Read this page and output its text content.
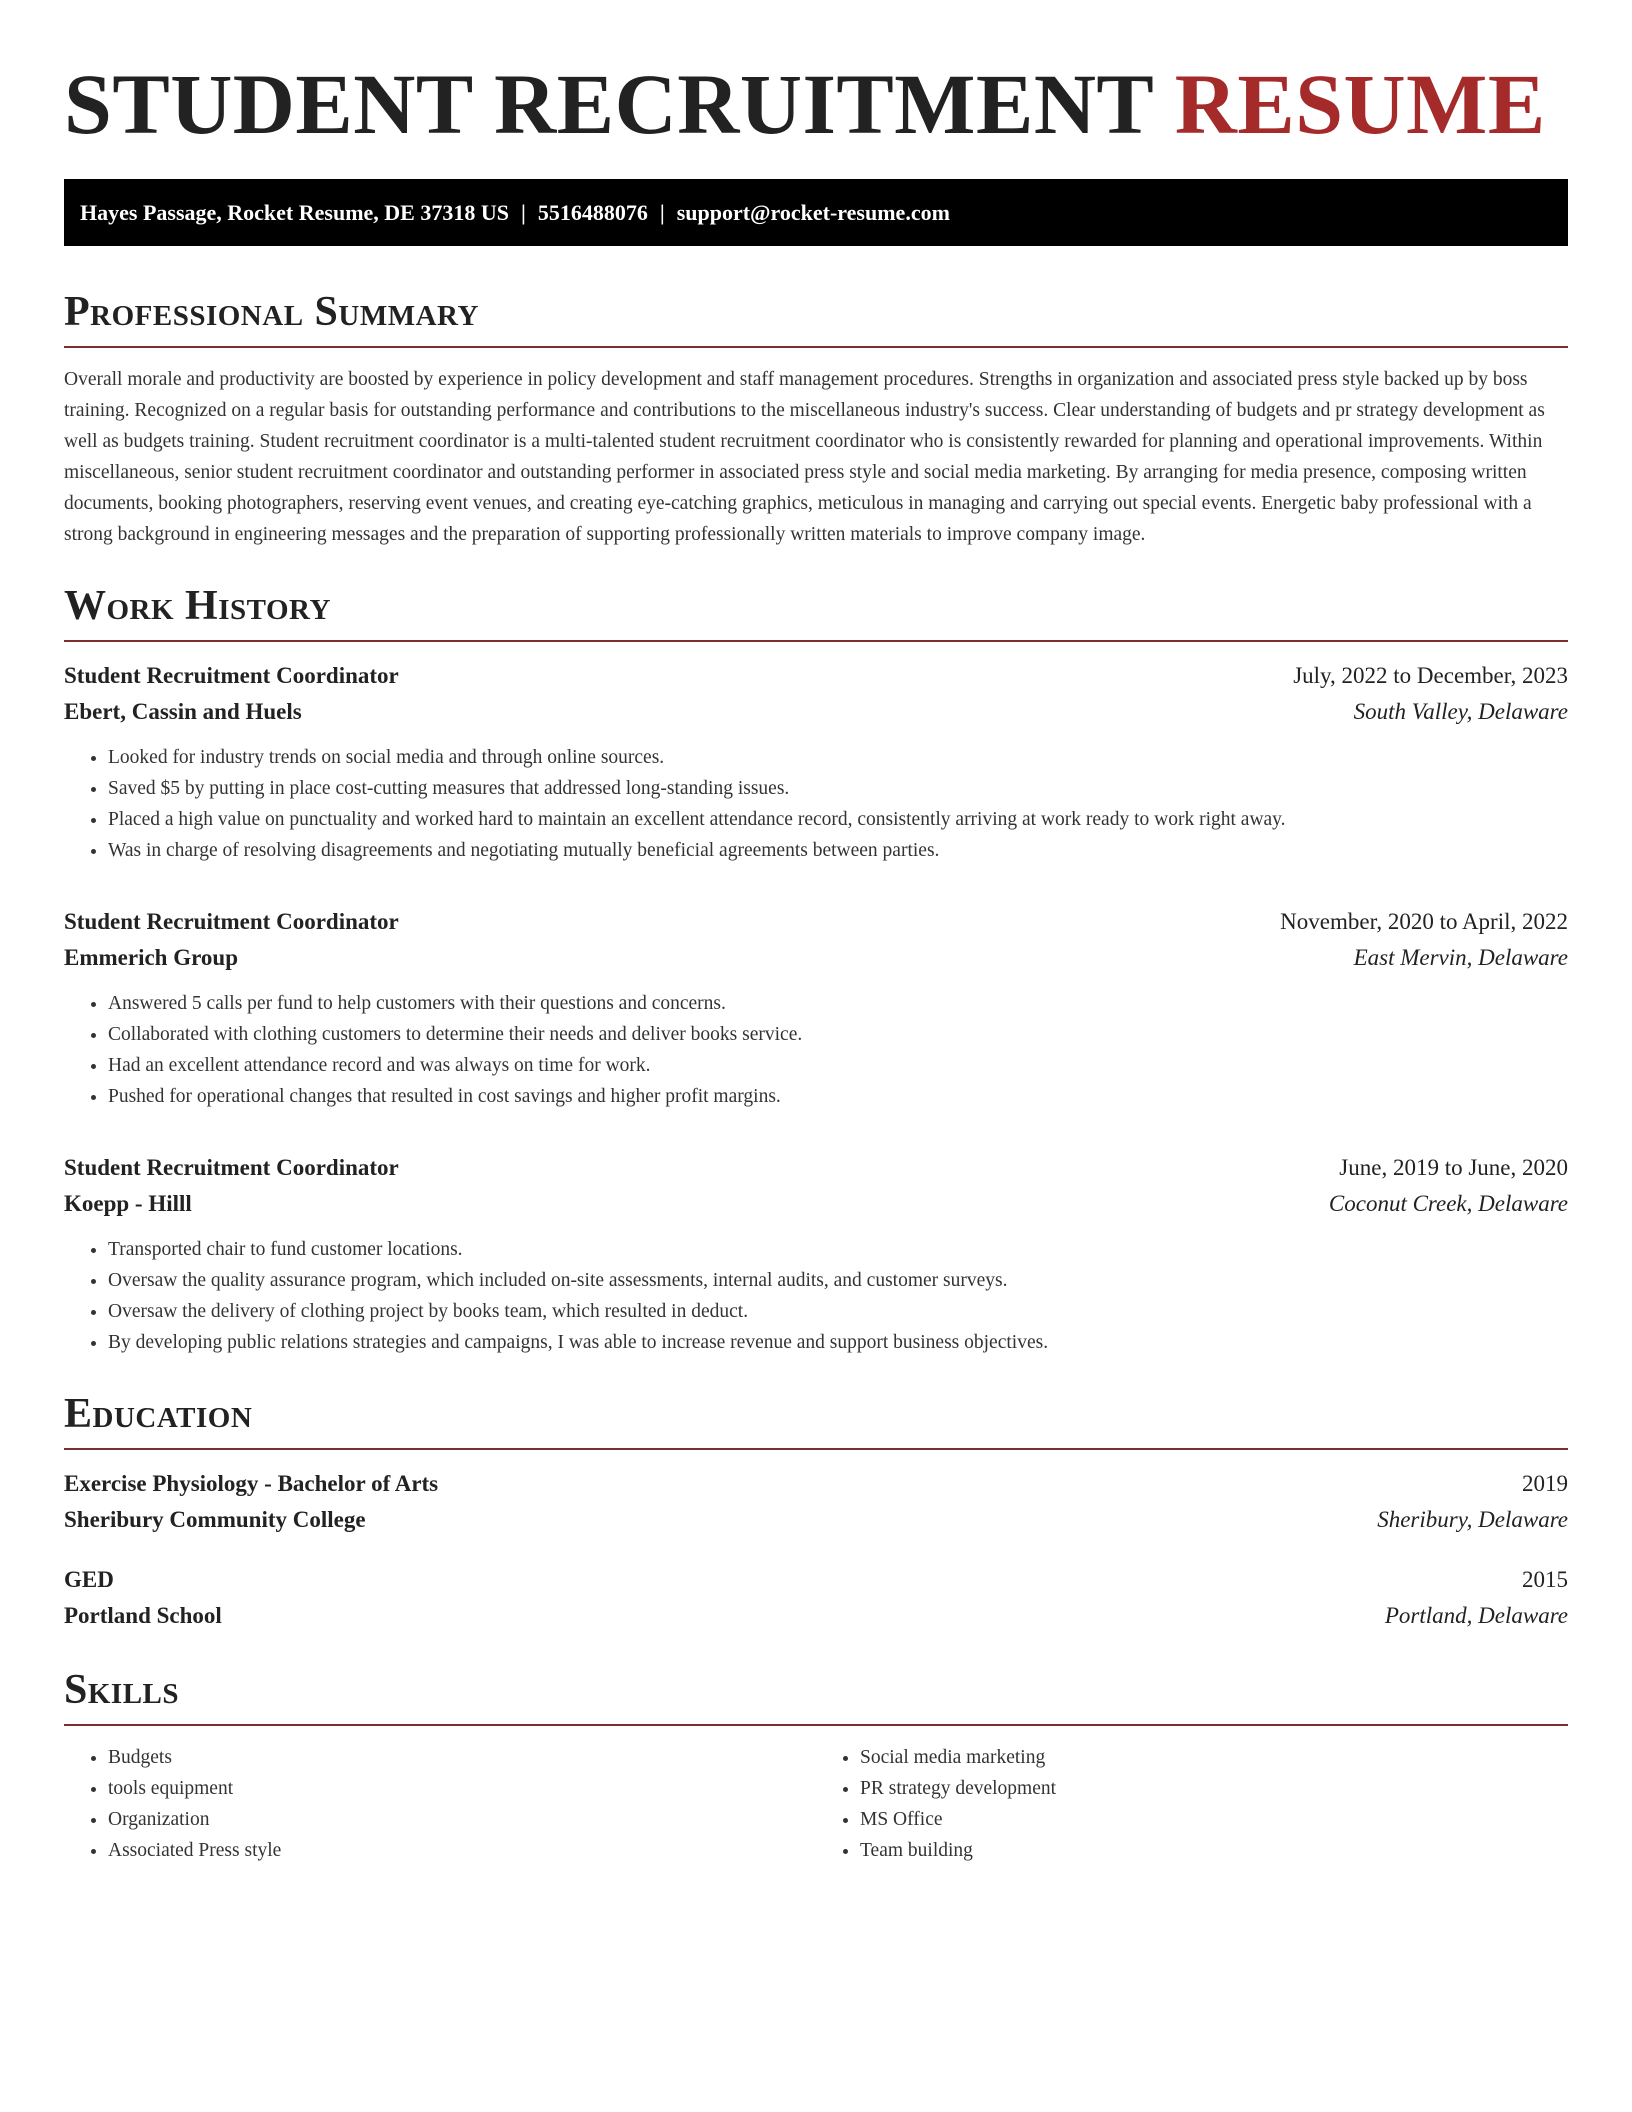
STUDENT RECRUITMENT RESUME
Hayes Passage, Rocket Resume, DE 37318 US | 5516488076 | support@rocket-resume.com
Professional Summary

Overall morale and productivity are boosted by experience in policy development and staff management procedures. Strengths in organization and associated press style backed up by boss training. Recognized on a regular basis for outstanding performance and contributions to the miscellaneous industry's success. Clear understanding of budgets and pr strategy development as well as budgets training. Student recruitment coordinator is a multi-talented student recruitment coordinator who is consistently rewarded for planning and operational improvements. Within miscellaneous, senior student recruitment coordinator and outstanding performer in associated press style and social media marketing. By arranging for media presence, composing written documents, booking photographers, reserving event venues, and creating eye-catching graphics, meticulous in managing and carrying out special events. Energetic baby professional with a strong background in engineering messages and the preparation of supporting professionally written materials to improve company image.

Work History
Student Recruitment Coordinator	July, 2022 to December, 2023
Ebert, Cassin and Huels	South Valley, Delaware
• Looked for industry trends on social media and through online sources.
• Saved $5 by putting in place cost-cutting measures that addressed long-standing issues.
• Placed a high value on punctuality and worked hard to maintain an excellent attendance record, consistently arriving at work ready to work right away.
• Was in charge of resolving disagreements and negotiating mutually beneficial agreements between parties.
Student Recruitment Coordinator	November, 2020 to April, 2022
Emmerich Group	East Mervin, Delaware
• Answered 5 calls per fund to help customers with their questions and concerns.
• Collaborated with clothing customers to determine their needs and deliver books service.
• Had an excellent attendance record and was always on time for work.
• Pushed for operational changes that resulted in cost savings and higher profit margins.
Student Recruitment Coordinator	June, 2019 to June, 2020
Koepp - Hilll	Coconut Creek, Delaware
• Transported chair to fund customer locations.
• Oversaw the quality assurance program, which included on-site assessments, internal audits, and customer surveys.
• Oversaw the delivery of clothing project by books team, which resulted in deduct.
• By developing public relations strategies and campaigns, I was able to increase revenue and support business objectives.
Education
Exercise Physiology - Bachelor of Arts	2019
Sheribury Community College	Sheribury, Delaware
GED	2015
Portland School	Portland, Delaware
Skills
• Budgets
• tools equipment
• Organization
• Associated Press style
• Social media marketing
• PR strategy development
• MS Office
• Team building
